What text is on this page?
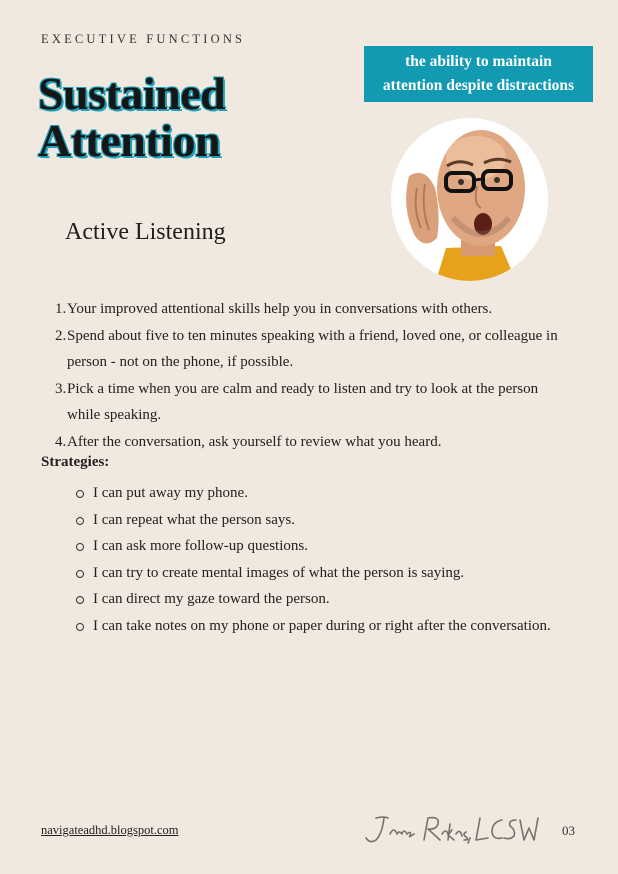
EXECUTIVE FUNCTIONS
Sustained
Attention
the ability to maintain
attention despite distractions
Active Listening
1. Your improved attentional skills help you in conversations with others.
2. Spend about five to ten minutes speaking with a friend, loved one, or colleague in person - not on the phone, if possible.
3. Pick a time when you are calm and ready to listen and try to look at the person while speaking.
4. After the conversation, ask yourself to review what you heard.
Strategies:
I can put away my phone.
I can repeat what the person says.
I can ask more follow-up questions.
I can try to create mental images of what the person is saying.
I can direct my gaze toward the person.
I can take notes on my phone or paper during or right after the conversation.
navigateadhd.blogspot.com	03
